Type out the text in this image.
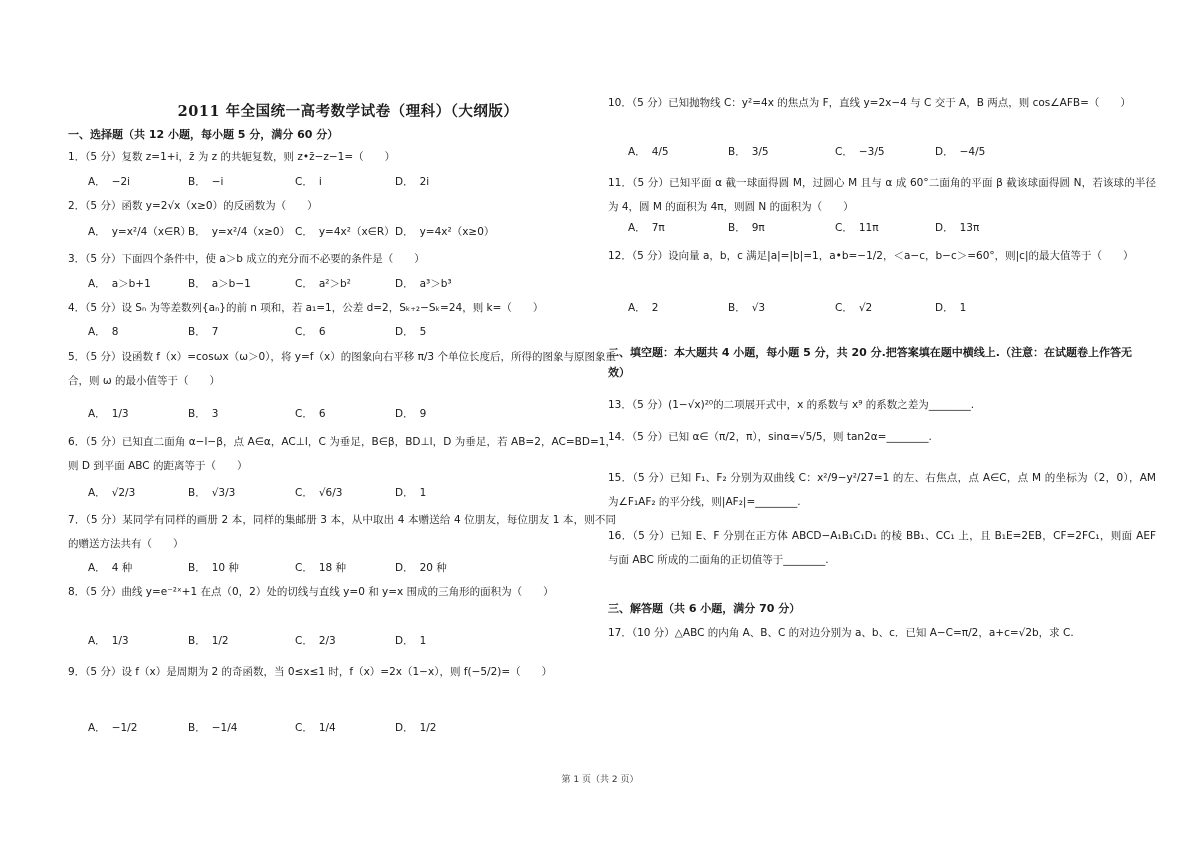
2011 年全国统一高考数学试卷（理科）（大纲版）
一、选择题（共 12 小题，每小题 5 分，满分 60 分）
1．（5 分）复数 z=1+i，z̄ 为 z 的共轭复数，则 z•z̄−z−1=（　　）
A． −2i	B． −i	C． i	D． 2i
2．（5 分）函数 y=2√x（x≥0）的反函数为（　　）
A． y=x²/4（x∈R）
B． y=x²/4（x≥0） C． y=4x²（x∈R） D． y=4x²（x≥0）
3．（5 分）下面四个条件中，使 a＞b 成立的充分而不必要的条件是（　　）
A． a＞b+1	B． a＞b−1	C． a²＞b²	D． a³＞b³
4．（5 分）设 Sₙ 为等差数列{aₙ}的前 n 项和，若 a₁=1，公差 d=2，Sₖ₊₂−Sₖ=24，则 k=（　　）
A． 8	B． 7	C． 6	D． 5
5．（5 分）设函数 f（x）=cosωx（ω＞0），将 y=f（x）的图象向右平移 π/3 个单位长度后，所得的图象与原图象重合，则 ω 的最小值等于（　　）
A． 1/3	B． 3	C． 6	D． 9
6．（5 分）已知直二面角 α−l−β，点 A∈α，AC⊥l，C 为垂足，B∈β，BD⊥l，D 为垂足，若 AB=2，AC=BD=1，则 D 到平面 ABC 的距离等于（　　）
A． √2/3	B． √3/3	C． √6/3	D． 1
7．（5 分）某同学有同样的画册 2 本，同样的集邮册 3 本，从中取出 4 本赠送给 4 位朋友，每位朋友 1 本，则不同的赠送方法共有（　　）
A． 4 种	B． 10 种	C． 18 种	D． 20 种
8．（5 分）曲线 y=e⁻²ˣ+1 在点（0，2）处的切线与直线 y=0 和 y=x 围成的三角形的面积为（　　）
A． 1/3	B． 1/2	C． 2/3	D． 1
9．（5 分）设 f（x）是周期为 2 的奇函数，当 0≤x≤1 时，f（x）=2x（1−x），则 f(−5/2)=（　　）
A． −1/2	B． −1/4	C． 1/4	D． 1/2
10．（5 分）已知抛物线 C：y²=4x 的焦点为 F，直线 y=2x−4 与 C 交于 A，B 两点，则 cos∠AFB=（　　）
A． 4/5	B． 3/5	C． −3/5	D． −4/5
11．（5 分）已知平面 α 截一球面得圆 M，过圆心 M 且与 α 成 60°二面角的平面 β 截该球面得圆 N，若该球的半径为 4，圆 M 的面积为 4π，则圆 N 的面积为（　　）
A． 7π	B． 9π	C． 11π	D． 13π
12．（5 分）设向量 a，b，c 满足|a|=|b|=1，a•b=−1/2，＜a−c，b−c＞=60°，则|c|的最大值等于（　　）
A． 2	B． √3	C． √2	D． 1
二、填空题：本大题共 4 小题，每小题 5 分，共 20 分.把答案填在题中横线上.（注意：在试题卷上作答无效）
13．（5 分）(1−√x)²⁰的二项展开式中，x 的系数与 x⁹ 的系数之差为________.
14．（5 分）已知 α∈（π/2，π），sinα=√5/5，则 tan2α=________.
15．（5 分）已知 F₁、F₂ 分别为双曲线 C：x²/9−y²/27=1 的左、右焦点，点 A∈C，点 M 的坐标为（2，0），AM 为∠F₁AF₂ 的平分线，则|AF₂|=________.
16．（5 分）已知 E、F 分别在正方体 ABCD−A₁B₁C₁D₁ 的棱 BB₁、CC₁ 上，且 B₁E=2EB，CF=2FC₁，则面 AEF 与面 ABC 所成的二面角的正切值等于________.
三、解答题（共 6 小题，满分 70 分）
17．（10 分）△ABC 的内角 A、B、C 的对边分别为 a、b、c．已知 A−C=π/2，a+c=√2b，求 C.
第 1 页（共 2 页）
